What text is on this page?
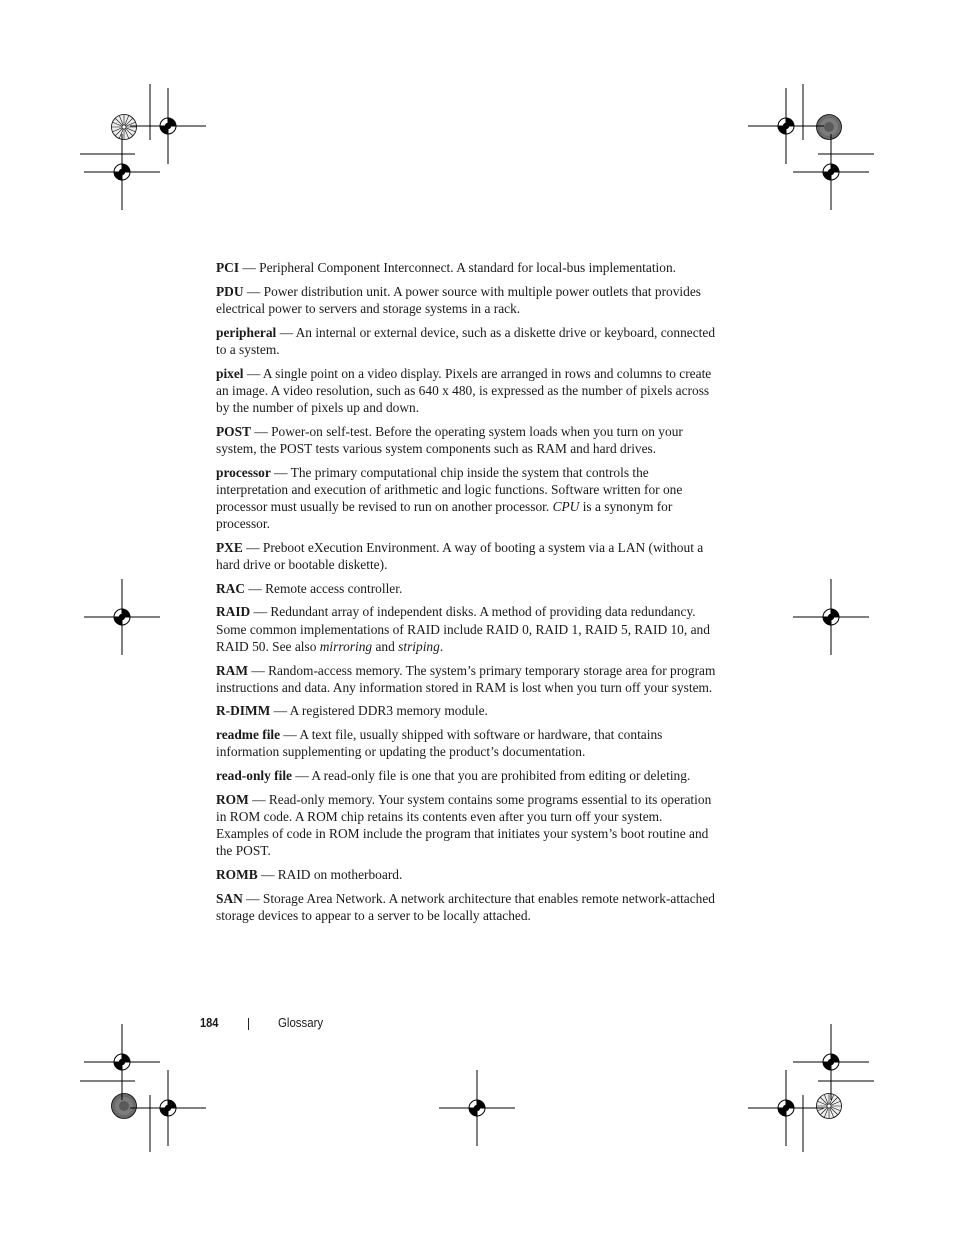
PCI — Peripheral Component Interconnect. A standard for local-bus implementation.

PDU — Power distribution unit. A power source with multiple power outlets that provides electrical power to servers and storage systems in a rack.

peripheral — An internal or external device, such as a diskette drive or keyboard, connected to a system.

pixel — A single point on a video display. Pixels are arranged in rows and columns to create an image. A video resolution, such as 640 x 480, is expressed as the number of pixels across by the number of pixels up and down.

POST — Power-on self-test. Before the operating system loads when you turn on your system, the POST tests various system components such as RAM and hard drives.

processor — The primary computational chip inside the system that controls the interpretation and execution of arithmetic and logic functions. Software written for one processor must usually be revised to run on another processor. CPU is a synonym for processor.

PXE — Preboot eXecution Environment. A way of booting a system via a LAN (without a hard drive or bootable diskette).

RAC — Remote access controller.

RAID — Redundant array of independent disks. A method of providing data redundancy. Some common implementations of RAID include RAID 0, RAID 1, RAID 5, RAID 10, and RAID 50. See also mirroring and striping.

RAM — Random-access memory. The system’s primary temporary storage area for program instructions and data. Any information stored in RAM is lost when you turn off your system.

R-DIMM — A registered DDR3 memory module.

readme file — A text file, usually shipped with software or hardware, that contains information supplementing or updating the product’s documentation.

read-only file — A read-only file is one that you are prohibited from editing or deleting.

ROM — Read-only memory. Your system contains some programs essential to its operation in ROM code. A ROM chip retains its contents even after you turn off your system. Examples of code in ROM include the program that initiates your system’s boot routine and the POST.

ROMB — RAID on motherboard.

SAN — Storage Area Network. A network architecture that enables remote network-attached storage devices to appear to a server to be locally attached.

184	Glossary
